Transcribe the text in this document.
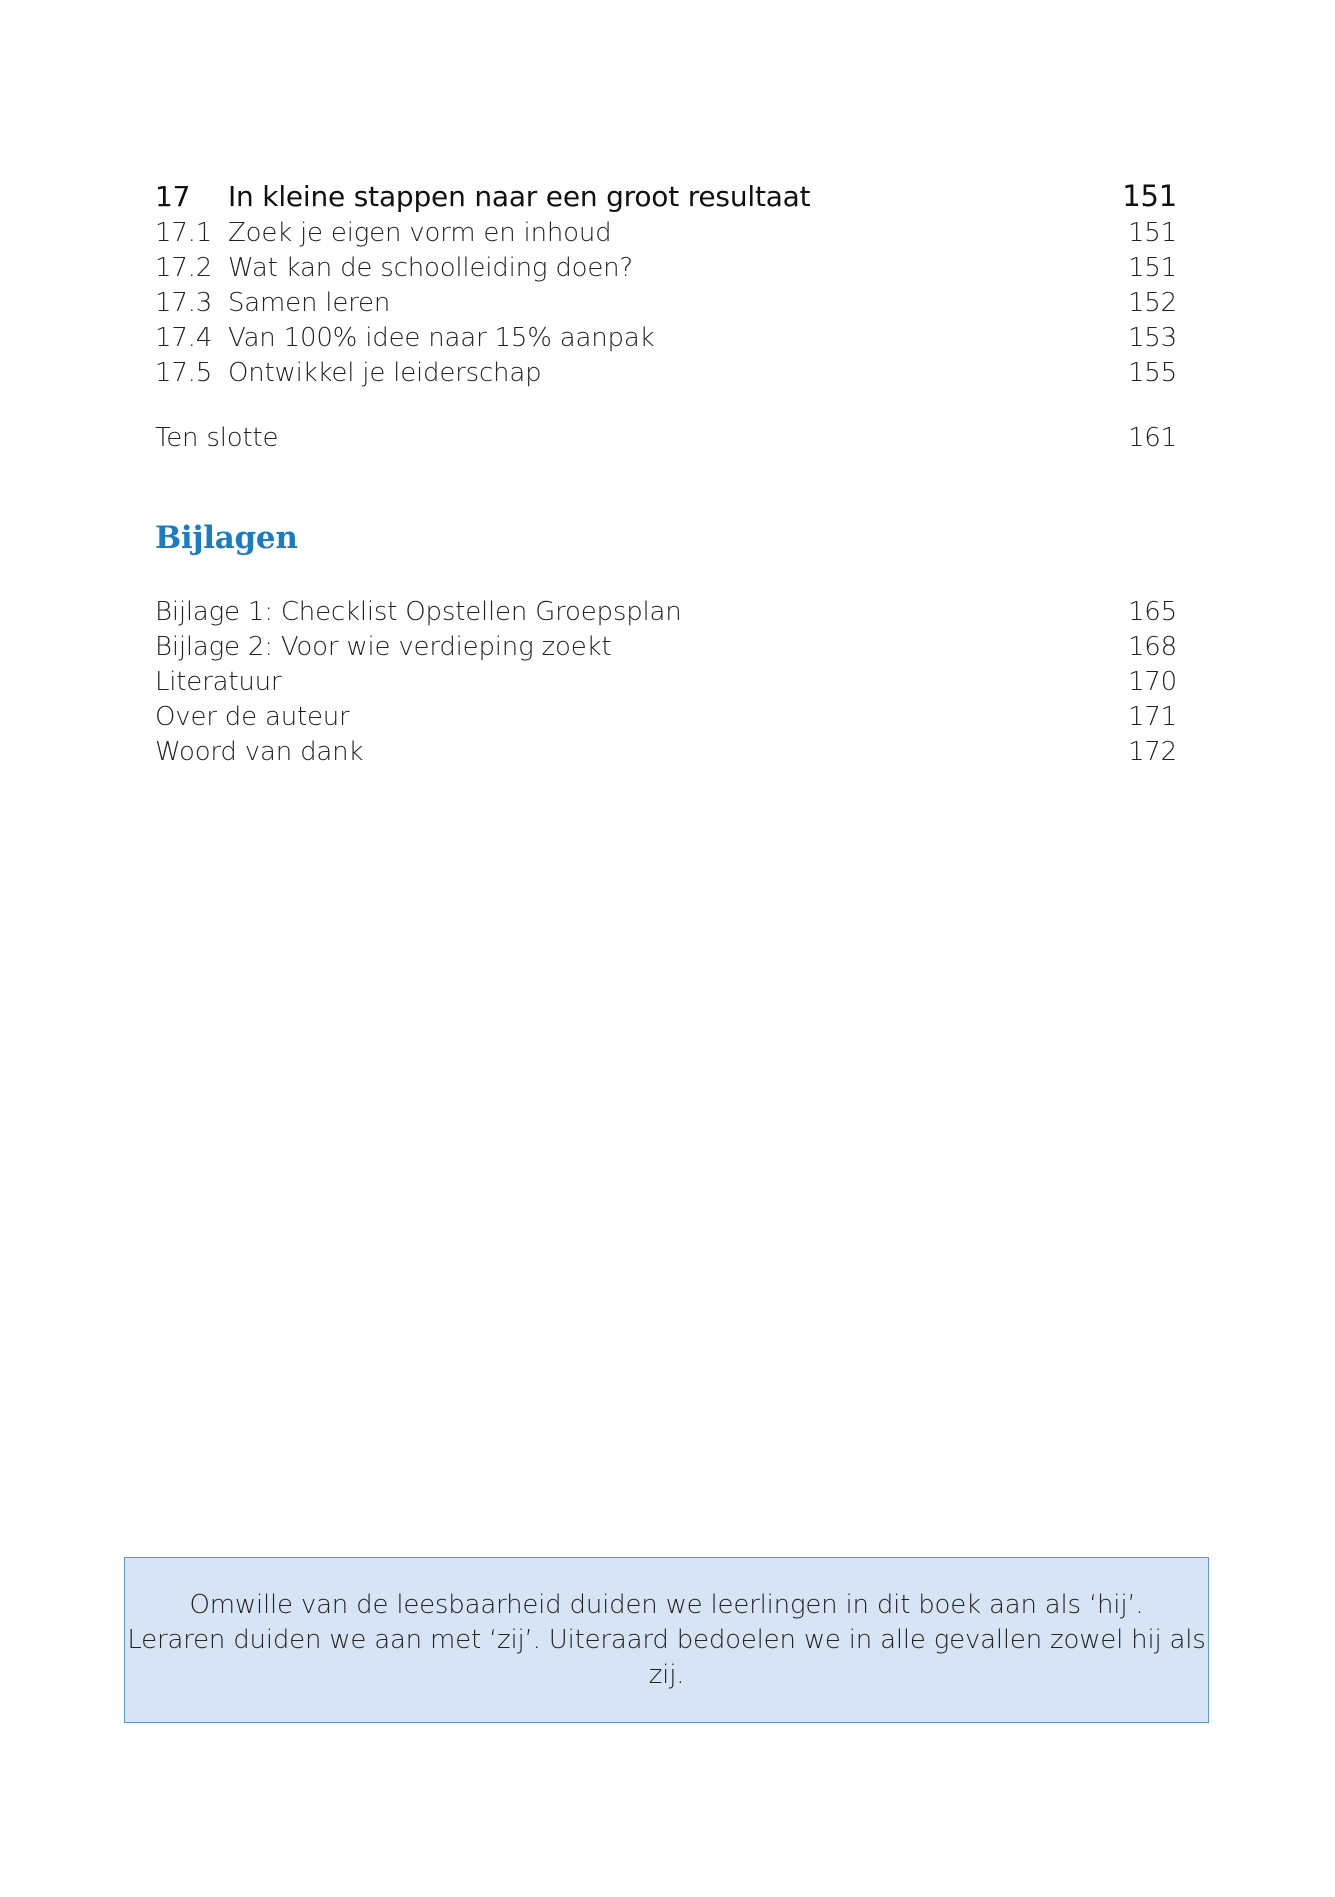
17	In kleine stappen naar een groot resultaat	151
17.1 Zoek je eigen vorm en inhoud	151
17.2 Wat kan de schoolleiding doen?	151
17.3 Samen leren	152
17.4 Van 100% idee naar 15% aanpak	153
17.5 Ontwikkel je leiderschap	155
Ten slotte	161
Bijlagen
Bijlage 1: Checklist Opstellen Groepsplan	165
Bijlage 2: Voor wie verdieping zoekt	168
Literatuur	170
Over de auteur	171
Woord van dank	172
Omwille van de leesbaarheid duiden we leerlingen in dit boek aan als ‘hij’.
Leraren duiden we aan met ‘zij’. Uiteraard bedoelen we in alle gevallen zowel hij als zij.
